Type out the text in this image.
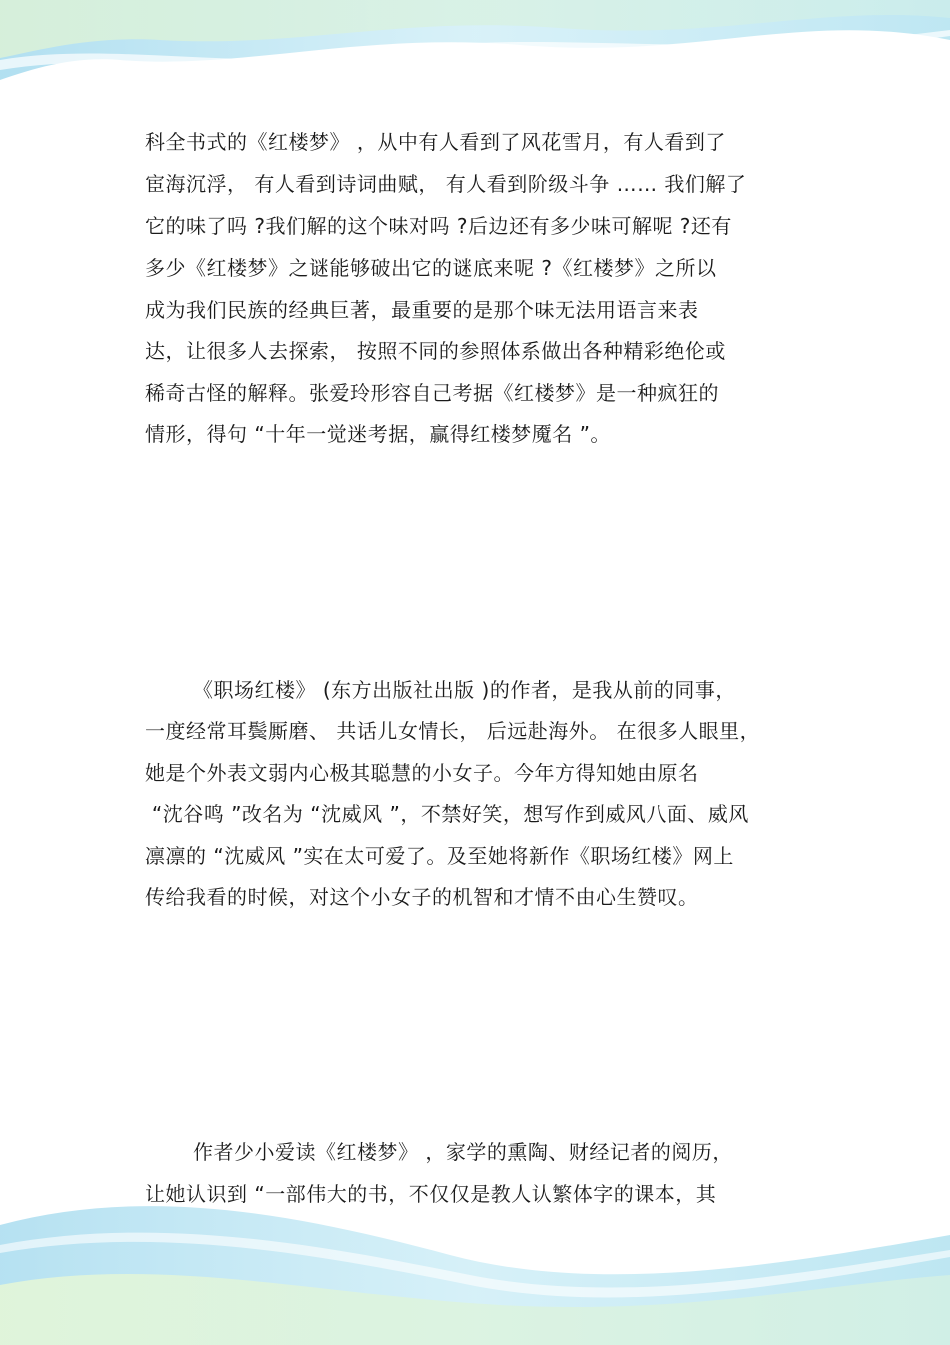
科全书式的《红楼梦》 ，从中有人看到了风花雪月，有人看到了
宦海沉浮， 有人看到诗词曲赋， 有人看到阶级斗争 …… 我们解了
它的味了吗 ?我们解的这个味对吗 ?后边还有多少味可解呢 ?还有
多少《红楼梦》之谜能够破出它的谜底来呢 ?《红楼梦》之所以
成为我们民族的经典巨著，最重要的是那个味无法用语言来表
达，让很多人去探索， 按照不同的参照体系做出各种精彩绝伦或
稀奇古怪的解释。张爱玲形容自己考据《红楼梦》是一种疯狂的
情形，得句 “十年一觉迷考据，赢得红楼梦魇名 ”。
《职场红楼》 (东方出版社出版 )的作者，是我从前的同事，
一度经常耳鬓厮磨、 共话儿女情长， 后远赴海外。 在很多人眼里，
她是个外表文弱内心极其聪慧的小女子。今年方得知她由原名
“沈谷鸣 ”改名为 “沈威风 ”，不禁好笑，想写作到威风八面、威风
凛凛的 “沈威风 ”实在太可爱了。及至她将新作《职场红楼》网上
传给我看的时候，对这个小女子的机智和才情不由心生赞叹。
作者少小爱读《红楼梦》 ，家学的熏陶、财经记者的阅历，
让她认识到 “一部伟大的书，不仅仅是教人认繁体字的课本，其
